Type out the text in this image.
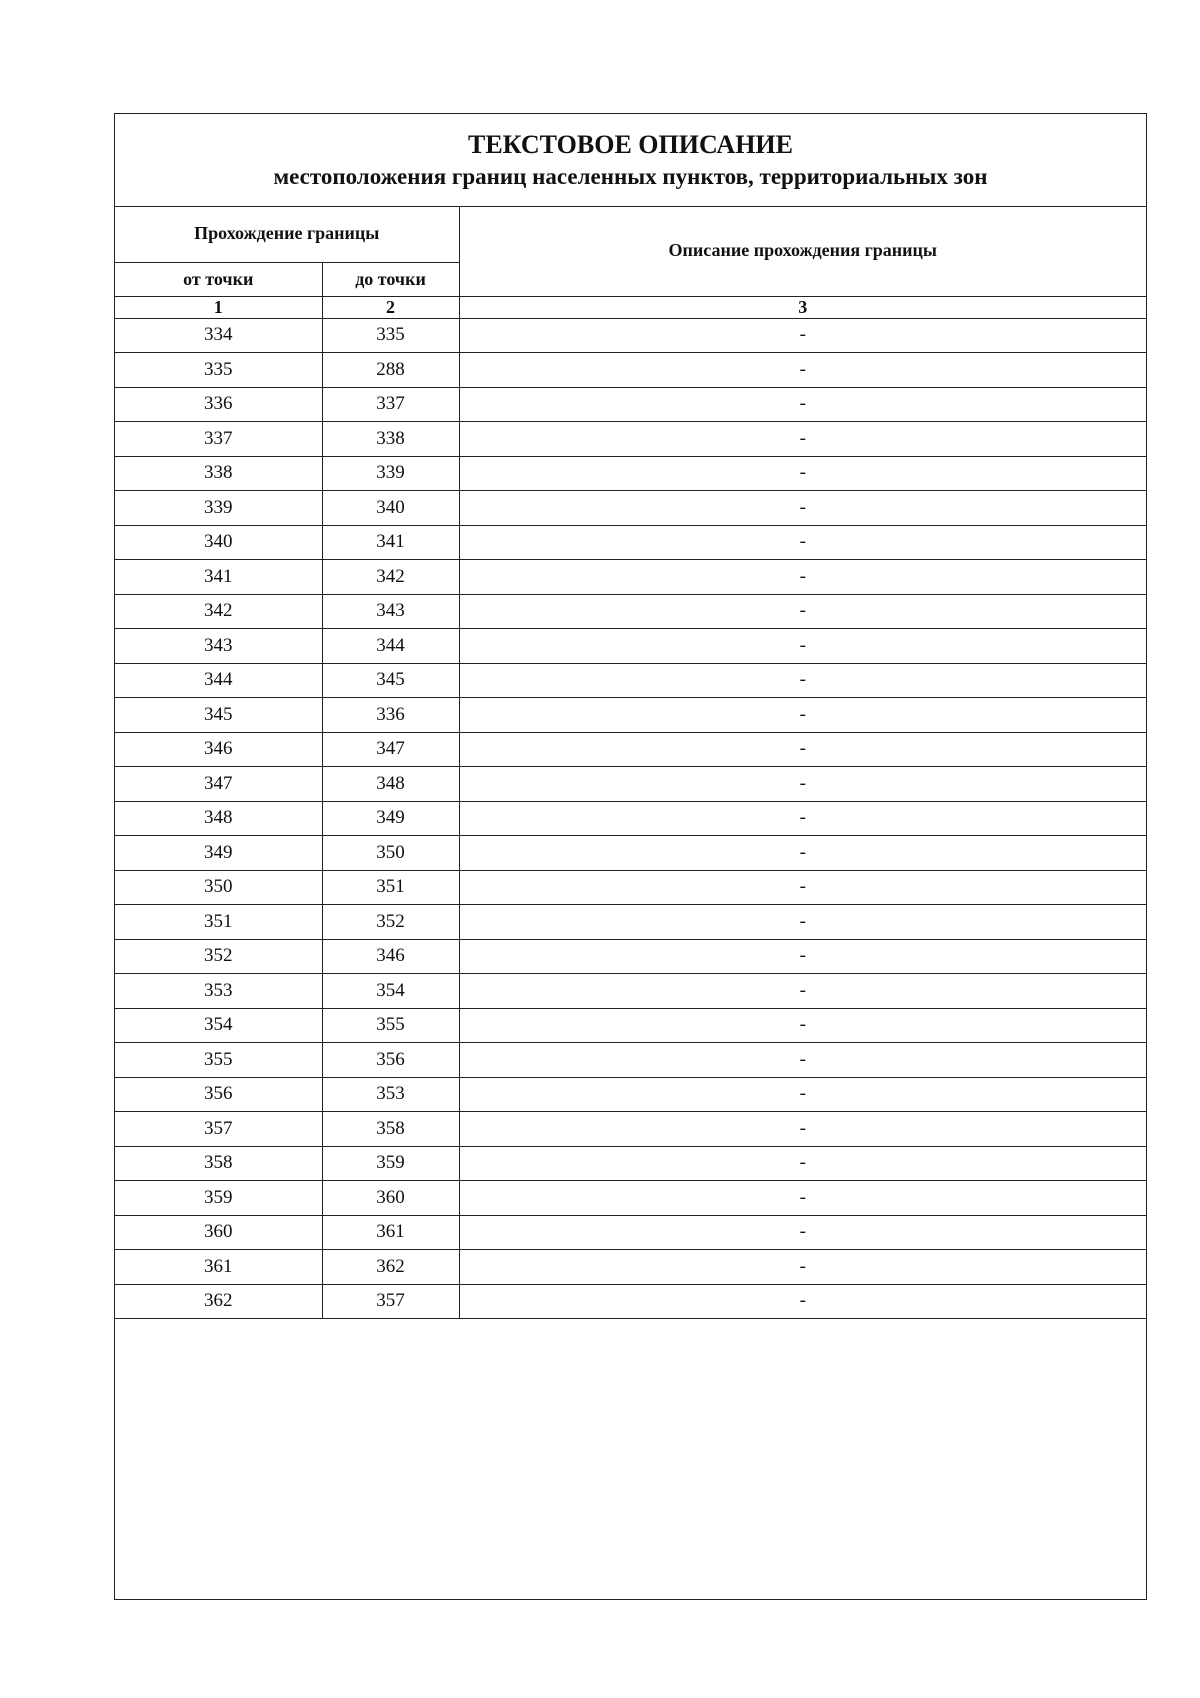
ТЕКСТОВОЕ ОПИСАНИЕ
местоположения границ населенных пунктов, территориальных зон
Прохождение границы		Описание прохождения границы
от точки	до точки	
1	2	3
334	335	-
335	288	-
336	337	-
337	338	-
338	339	-
339	340	-
340	341	-
341	342	-
342	343	-
343	344	-
344	345	-
345	336	-
346	347	-
347	348	-
348	349	-
349	350	-
350	351	-
351	352	-
352	346	-
353	354	-
354	355	-
355	356	-
356	353	-
357	358	-
358	359	-
359	360	-
360	361	-
361	362	-
362	357	-
